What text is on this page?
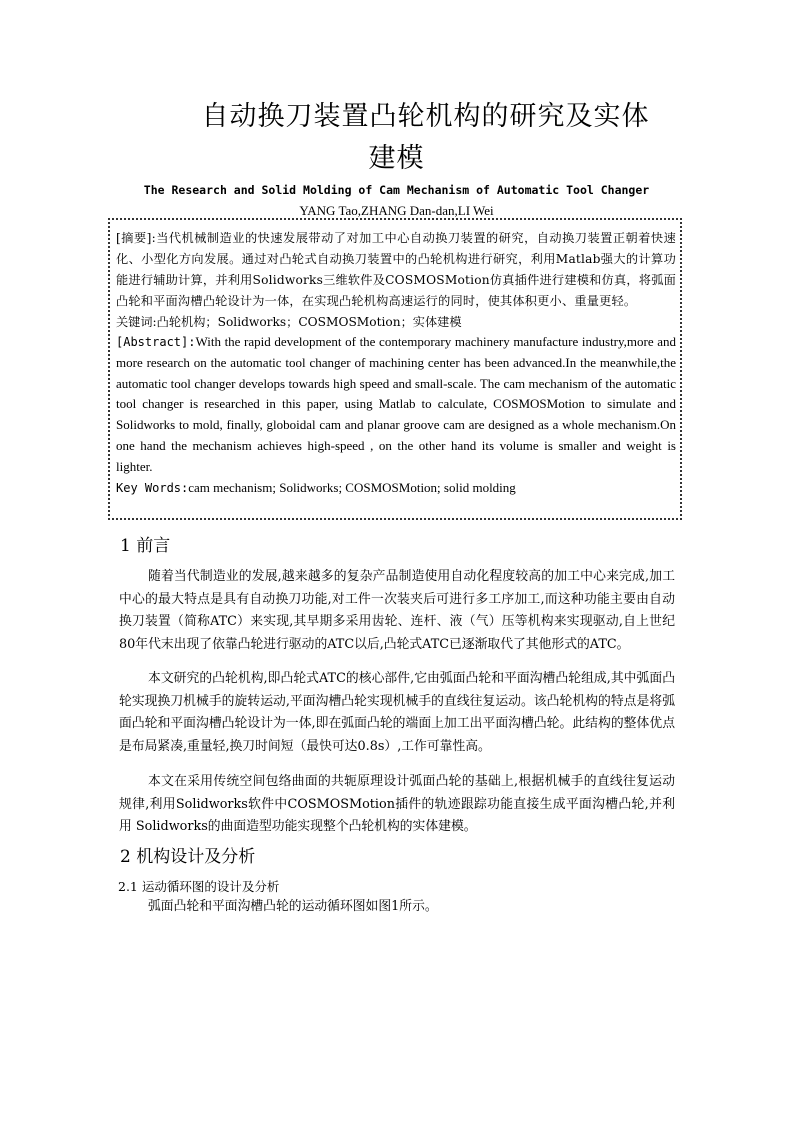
自动换刀装置凸轮机构的研究及实体
建模
The Research and Solid Molding of Cam Mechanism of Automatic Tool Changer
YANG Tao,ZHANG Dan-dan,LI Wei

[摘要]:当代机械制造业的快速发展带动了对加工中心自动换刀装置的研究，自动换刀装置正朝着快速化、小型化方向发展。通过对凸轮式自动换刀装置中的凸轮机构进行研究，利用Matlab强大的计算功能进行辅助计算，并利用Solidworks三维软件及COSMOSMotion仿真插件进行建模和仿真，将弧面凸轮和平面沟槽凸轮设计为一体，在实现凸轮机构高速运行的同时，使其体积更小、重量更轻。

关键词:凸轮机构；Solidworks；COSMOSMotion；实体建模

[Abstract]:With the rapid development of the contemporary machinery manufacture industry,more and more research on the automatic tool changer of machining center has been advanced.In the meanwhile,the automatic tool changer develops towards high speed and small-scale. The cam mechanism of the automatic tool changer is researched in this paper, using Matlab to calculate, COSMOSMotion to simulate and Solidworks to mold, finally, globoidal cam and planar groove cam are designed as a whole mechanism.On one hand the mechanism achieves high-speed , on the other hand its volume is smaller and weight is lighter.

Key Words:cam mechanism; Solidworks; COSMOSMotion; solid molding

1 前言

随着当代制造业的发展,越来越多的复杂产品制造使用自动化程度较高的加工中心来完成,加工中心的最大特点是具有自动换刀功能,对工件一次装夹后可进行多工序加工,而这种功能主要由自动换刀装置（简称ATC）来实现,其早期多采用齿轮、连杆、液（气）压等机构来实现驱动,自上世纪80年代末出现了依靠凸轮进行驱动的ATC以后,凸轮式ATC已逐渐取代了其他形式的ATC。

本文研究的凸轮机构,即凸轮式ATC的核心部件,它由弧面凸轮和平面沟槽凸轮组成,其中弧面凸轮实现换刀机械手的旋转运动,平面沟槽凸轮实现机械手的直线往复运动。该凸轮机构的特点是将弧面凸轮和平面沟槽凸轮设计为一体,即在弧面凸轮的端面上加工出平面沟槽凸轮。此结构的整体优点是布局紧凑,重量轻,换刀时间短（最快可达0.8s）,工作可靠性高。

本文在采用传统空间包络曲面的共轭原理设计弧面凸轮的基础上,根据机械手的直线往复运动规律,利用Solidworks软件中COSMOSMotion插件的轨迹跟踪功能直接生成平面沟槽凸轮,并利用 Solidworks的曲面造型功能实现整个凸轮机构的实体建模。

2 机构设计及分析
2.1 运动循环图的设计及分析

弧面凸轮和平面沟槽凸轮的运动循环图如图1所示。
